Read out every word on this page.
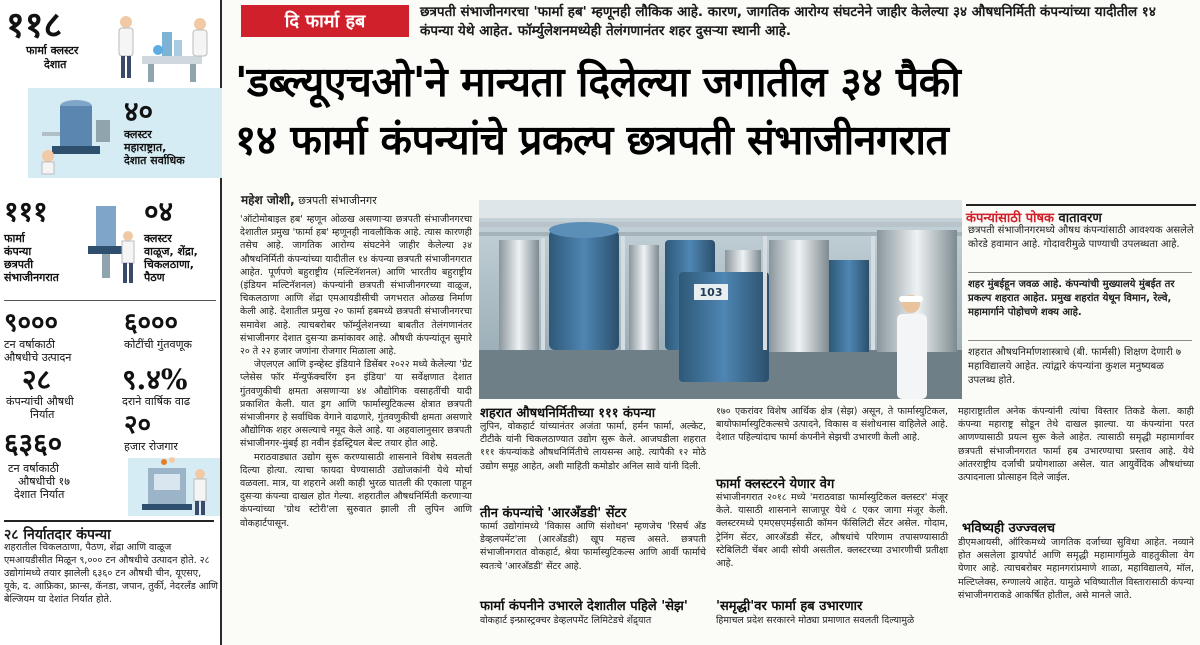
११८
फार्मा क्लस्टर
देशात
४०
क्लस्टर
महाराष्ट्रात,
देशात सर्वाधिक
१११
फार्मा
कंपन्या
छत्रपती
संभाजीनगरात
०४
क्लस्टर
वाळूज, शेंद्रा,
चिकलठाणा,
पैठण
९०००
टन वर्षाकाठी
औषधीचे उत्पादन
६०००
कोटींची गुंतवणूक
२८
कंपन्यांची औषधी
निर्यात
९.४%
दराने वार्षिक वाढ
२०
हजार रोजगार
६३६०
टन वर्षाकाठी
औषधीची १७
देशात निर्यात
२८ निर्यातदार कंपन्या
शहरातील चिकलठाणा, पैठण, शेंद्रा आणि वाळूज एमआयडीसीत मिळून ९,००० टन औषधीचे उत्पादन होते. २८ उद्योगांमध्ये तयार झालेली ६३६० टन औषधी चीन, यूएसए, यूके, द. आफ्रिका, फ्रान्स, कॅनडा, जपान, तुर्की, नेदरलँड आणि बेल्जियम या देशांत निर्यात होते.
दि फार्मा हब	छत्रपती संभाजीनगरचा 'फार्मा हब' म्हणूनही लौकिक आहे. कारण, जागतिक आरोग्य संघटनेने जाहीर केलेल्या ३४ औषधनिर्मिती कंपन्यांच्या यादीतील १४ कंपन्या येथे आहेत. फॉर्म्युलेशनमध्येही तेलंगणानंतर शहर दुसऱ्या स्थानी आहे.
'डब्ल्यूएचओ'ने मान्यता दिलेल्या जगातील ३४ पैकी
१४ फार्मा कंपन्यांचे प्रकल्प छत्रपती संभाजीनगरात
महेश जोशी, छत्रपती संभाजीनगर

'ऑटोमोबाइल हब' म्हणून ओळख असणाऱ्या छत्रपती संभाजीनगरचा देशातील प्रमुख 'फार्मा हब' म्हणूनही नावलौकिक आहे. त्यास कारणही तसेच आहे. जागतिक आरोग्य संघटनेने जाहीर केलेल्या ३४ औषधनिर्मिती कंपन्यांच्या यादीतील १४ कंपन्या छत्रपती संभाजीनगरात आहेत. पूर्णपणे बहुराष्ट्रीय (मल्टिनॅशनल) आणि भारतीय बहुराष्ट्रीय (इंडियन मल्टिनॅशनल) कंपन्यांनी छत्रपती संभाजीनगरच्या वाळूज, चिकलठाणा आणि शेंद्रा एमआयडीसीची जगभरात ओळख निर्माण केली आहे. देशातील प्रमुख २० फार्मा हबमध्ये छत्रपती संभाजीनगरचा समावेश आहे. त्याचबरोबर फॉर्म्युलेशनच्या बाबतीत तेलंगणानंतर संभाजीनगर देशात दुसऱ्या क्रमांकावर आहे. औषधी कंपन्यांतून सुमारे २० ते २२ हजार जणांना रोजगार मिळाला आहे.

जेएलएल आणि इन्व्हेस्ट इंडियाने डिसेंबर २०२२ मध्ये केलेल्या 'ग्रेट प्लेसेस फॉर मॅन्युफॅक्चरिंग इन इंडिया' या सर्वेक्षणात देशात गुंतवणुकीची क्षमता असणाऱ्या ४४ औद्योगिक वसाहतींची यादी प्रकाशित केली. यात ड्रग आणि फार्मास्युटिकल्स क्षेत्रात छत्रपती संभाजीनगर हे सर्वाधिक वेगाने वाढणारे, गुंतवणुकीची क्षमता असणारे औद्योगिक शहर असल्याचे नमूद केले आहे. या अहवालानुसार छत्रपती संभाजीनगर-मुंबई हा नवीन इंडस्ट्रियल बेल्ट तयार होत आहे.

मराठवाड्यात उद्योग सुरू करण्यासाठी शासनाने विशेष सवलती दिल्या होत्या. त्याचा फायदा घेण्यासाठी उद्योजकांनी येथे मोर्चा वळवला. मात्र, या शहराने अशी काही भुरळ घातली की एकाला पाहून दुसऱ्या कंपन्या दाखल होत गेल्या. शहरातील औषधनिर्मिती करणाऱ्या कंपन्यांच्या 'ग्रोथ स्टोरी'ला सुरुवात झाली ती लुपिन आणि वोकहार्टपासून.

103
शहरात औषधनिर्मितीच्या १११ कंपन्या
लुपिन, वोकहार्ट यांच्यानंतर अजंता फार्मा, हर्मन फार्मा, अल्केट, टीटीके यांनी चिकलठाण्यात उद्योग सुरू केले. आजघडीला शहरात १११ कंपन्यांकडे औषधनिर्मितीचे लायसन्स आहे. त्यापैकी १२ मोठे उद्योग समूह आहेत, अशी माहिती कमोडोर अनिल सावे यांनी दिली.
तीन कंपन्यांचे 'आरअँडडी' सेंटर
फार्मा उद्योगांमध्ये 'विकास आणि संशोधन' म्हणजेच 'रिसर्च अँड डेव्हलपमेंट'ला (आरअँडडी) खूप महत्त्व असते. छत्रपती संभाजीनगरात वोकहार्ट, श्रेया फार्मास्युटिकल्स आणि आर्वी फार्माचे स्वतःचे 'आरअँडडी' सेंटर आहे.
फार्मा कंपनीने उभारले देशातील पहिले 'सेझ'
वोकहार्ट इन्फ्रास्ट्रक्चर डेव्हलपमेंट लिमिटेडचे शेंद्र्यात
१७० एकरांवर विशेष आर्थिक क्षेत्र (सेझ) असून, ते फार्मास्युटिकल, बायोफार्मास्युटिकल्सचे उत्पादने, विकास व संशोधनास वाहिलेले आहे. देशात पहिल्यांदाच फार्मा कंपनीने सेझची उभारणी केली आहे.
फार्मा क्लस्टरने येणार वेग
संभाजीनगरात २०१८ मध्ये 'मराठवाडा फार्मास्युटिकल क्लस्टर' मंजूर केले. यासाठी शासनाने साजापूर येथे ८ एकर जागा मंजूर केली. क्लस्टरमध्ये एमएसएमईसाठी कॉमन फॅसिलिटी सेंटर असेल. गोदाम, ट्रेनिंग सेंटर, आरअँडडी सेंटर, औषधांचे परिणाम तपासण्यासाठी स्टेबिलिटी चेंबर आदी सोयी असतील. क्लस्टरच्या उभारणीची प्रतीक्षा आहे.
'समृद्धी'वर फार्मा हब उभारणार
हिमाचल प्रदेश सरकारने मोठ्या प्रमाणात सवलती दिल्यामुळे
महाराष्ट्रातील अनेक कंपन्यांनी त्यांचा विस्तार तिकडे केला. काही कंपन्या महाराष्ट्र सोडून तेथे दाखल झाल्या. या कंपन्यांना परत आणण्यासाठी प्रयत्न सुरू केले आहेत. त्यासाठी समृद्धी महामार्गावर छत्रपती संभाजीनगरात फार्मा हब उभारण्याचा प्रस्ताव आहे. येथे आंतरराष्ट्रीय दर्जाची प्रयोगशाळा असेल. यात आयुर्वेदिक औषधांच्या उत्पादनाला प्रोत्साहन दिले जाईल.
भविष्यही उज्ज्वलच
डीएमआयसी, ऑरिकमध्ये जागतिक दर्जाच्या सुविधा आहेत. नव्याने होत असलेला ड्रायपोर्ट आणि समृद्धी महामार्गामुळे वाहतुकीला वेग येणार आहे. त्याचबरोबर महानगरांप्रमाणे शाळा, महाविद्यालये, मॉल, मल्टिप्लेक्स, रुग्णालये आहेत. यामुळे भविष्यातील विस्तारासाठी कंपन्या संभाजीनगराकडे आकर्षित होतील, असे मानले जाते.
कंपन्यांसाठी पोषक वातावरण
छत्रपती संभाजीनगरमध्ये औषध कंपन्यांसाठी आवश्यक असलेले कोरडे हवामान आहे. गोदावरीमुळे पाण्याची उपलब्धता आहे.
शहर मुंबईहून जवळ आहे. कंपन्यांची मुख्यालये मुंबईत तर प्रकल्प शहरात आहेत. प्रमुख शहरांत येथून विमान, रेल्वे, महामार्गाने पोहोचणे शक्य आहे.
शहरात औषधनिर्माणशास्त्राचे (बी. फार्मसी) शिक्षण देणारी ७ महाविद्यालये आहेत. त्यांद्वारे कंपन्यांना कुशल मनुष्यबळ उपलब्ध होते.
